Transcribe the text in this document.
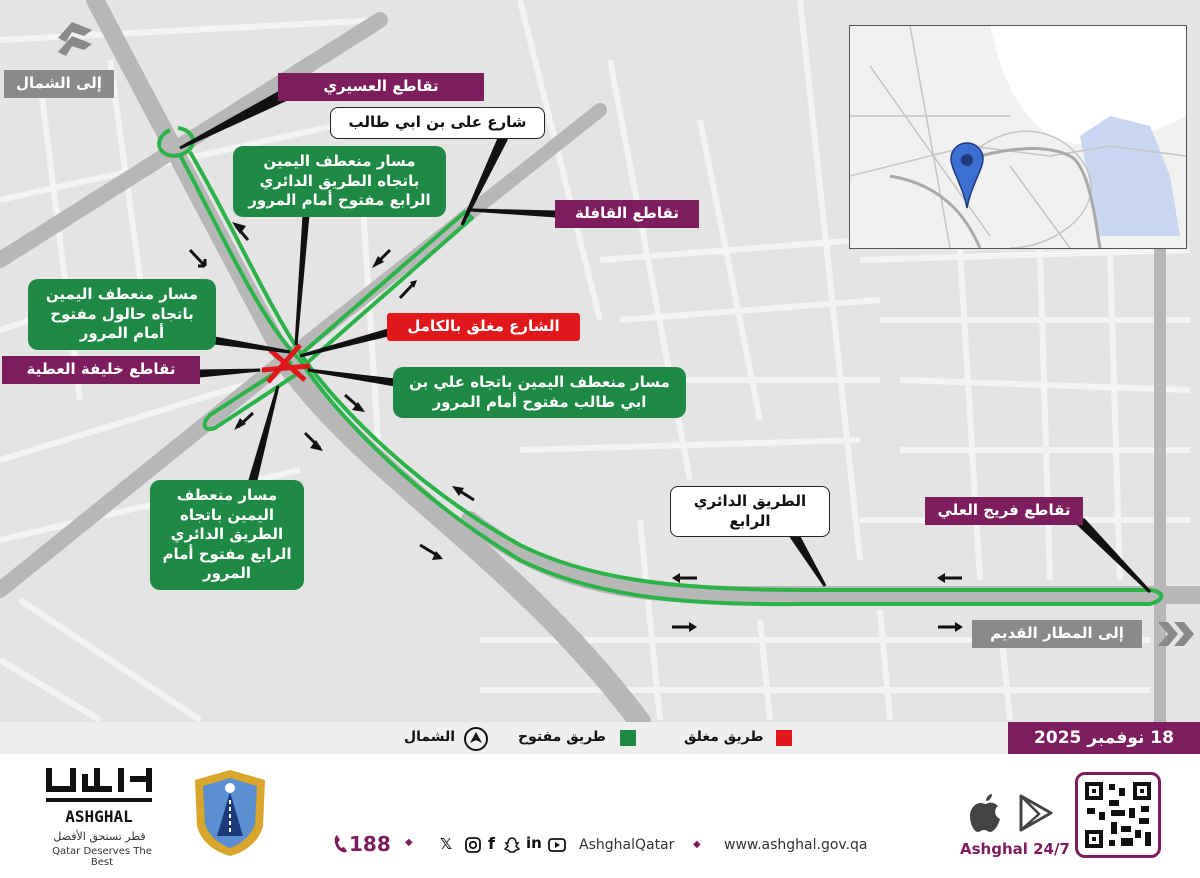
إلى الشمال
إلى المطار القديم
تقاطع العسيري
شارع على بن ابي طالب
تقاطع القافلة
مسار منعطف اليمين باتجاه الطريق الدائري الرابع مفتوح أمام المرور
مسار منعطف اليمين باتجاه حالول مفتوح أمام المرور	الشارع مغلق بالكامل
تقاطع خليفة العطية
مسار منعطف اليمين باتجاه علي بن ابي طالب مفتوح أمام المرور
مسار منعطف اليمين باتجاه الطريق الدائري الرابع مفتوح أمام المرور
الطريق الدائري الرابع
تقاطع فريج العلي
طريق مغلق
طريق مفتوح
الشمال	18 نوفمبر 2025
ASHGHAL
قطر تستحق الأفضل
Qatar Deserves The Best
188 ◆ 𝕏 f in	AshghalQatar ◆ www.ashghal.gov.qa	Ashghal 24/7
